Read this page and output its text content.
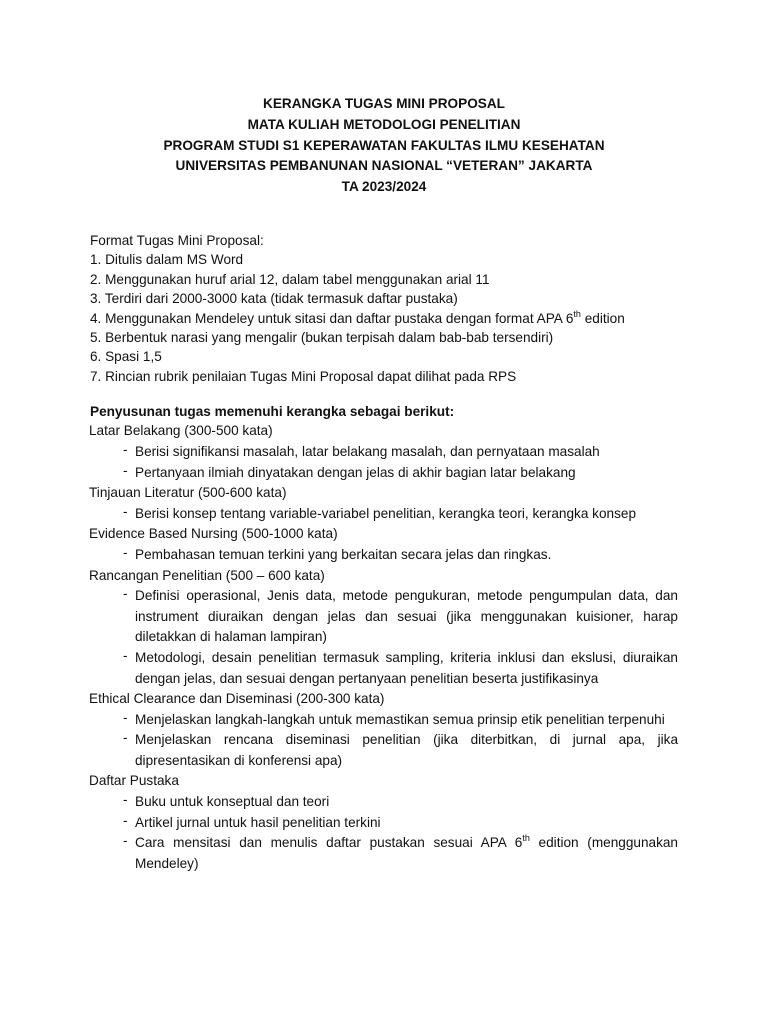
KERANGKA TUGAS MINI PROPOSAL
MATA KULIAH METODOLOGI PENELITIAN
PROGRAM STUDI S1 KEPERAWATAN FAKULTAS ILMU KESEHATAN
UNIVERSITAS PEMBANUNAN NASIONAL “VETERAN” JAKARTA
TA 2023/2024
Format Tugas Mini Proposal:
1. Ditulis dalam MS Word
2. Menggunakan huruf arial 12, dalam tabel menggunakan arial 11
3. Terdiri dari 2000-3000 kata (tidak termasuk daftar pustaka)
4. Menggunakan Mendeley untuk sitasi dan daftar pustaka dengan format APA 6th edition
5. Berbentuk narasi yang mengalir (bukan terpisah dalam bab-bab tersendiri)
6. Spasi 1,5
7. Rincian rubrik penilaian Tugas Mini Proposal dapat dilihat pada RPS
Penyusunan tugas memenuhi kerangka sebagai berikut:
Latar Belakang (300-500 kata)
- Berisi signifikansi masalah, latar belakang masalah, dan pernyataan masalah
- Pertanyaan ilmiah dinyatakan dengan jelas di akhir bagian latar belakang
Tinjauan Literatur (500-600 kata)
- Berisi konsep tentang variable-variabel penelitian, kerangka teori, kerangka konsep
Evidence Based Nursing (500-1000 kata)
- Pembahasan temuan terkini yang berkaitan secara jelas dan ringkas.
Rancangan Penelitian (500 – 600 kata)
- Definisi operasional, Jenis data, metode pengukuran, metode pengumpulan data, dan instrument diuraikan dengan jelas dan sesuai (jika menggunakan kuisioner, harap diletakkan di halaman lampiran)
- Metodologi, desain penelitian termasuk sampling, kriteria inklusi dan ekslusi, diuraikan dengan jelas, dan sesuai dengan pertanyaan penelitian beserta justifikasinya
Ethical Clearance dan Diseminasi (200-300 kata)
- Menjelaskan langkah-langkah untuk memastikan semua prinsip etik penelitian terpenuhi
- Menjelaskan rencana diseminasi penelitian (jika diterbitkan, di jurnal apa, jika dipresentasikan di konferensi apa)
Daftar Pustaka
- Buku untuk konseptual dan teori
- Artikel jurnal untuk hasil penelitian terkini
- Cara mensitasi dan menulis daftar pustakan sesuai APA 6th edition (menggunakan Mendeley)
